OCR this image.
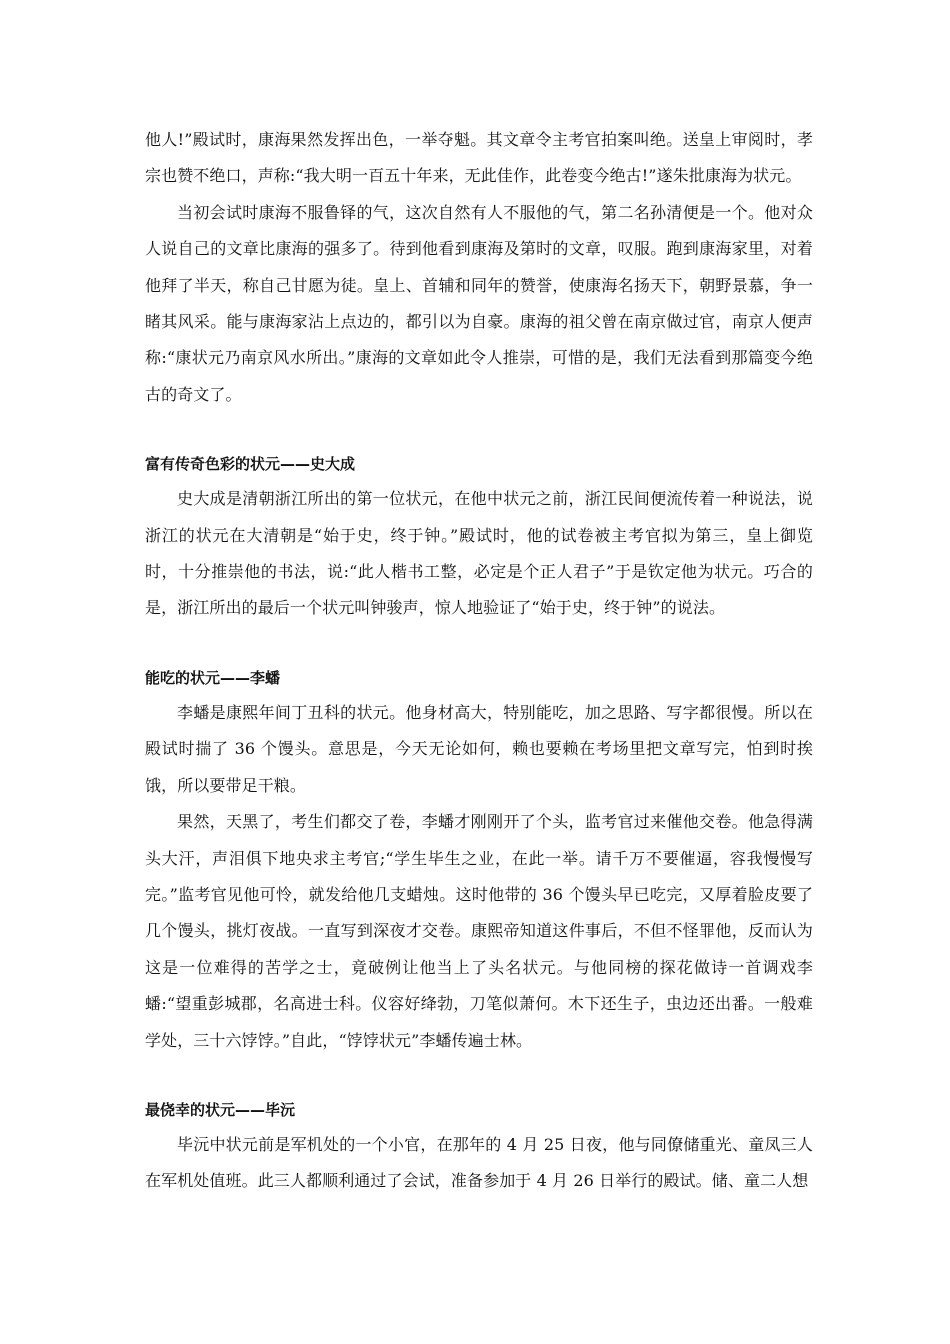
他人!”殿试时，康海果然发挥出色，一举夺魁。其文章令主考官拍案叫绝。送皇上审阅时，孝宗也赞不绝口，声称:“我大明一百五十年来，无此佳作，此卷变今绝古!”遂朱批康海为状元。

当初会试时康海不服鲁铎的气，这次自然有人不服他的气，第二名孙清便是一个。他对众人说自己的文章比康海的强多了。待到他看到康海及第时的文章，叹服。跑到康海家里，对着他拜了半天，称自己甘愿为徒。皇上、首辅和同年的赞誉，使康海名扬天下，朝野景慕，争一睹其风采。能与康海家沾上点边的，都引以为自豪。康海的祖父曾在南京做过官，南京人便声称:“康状元乃南京风水所出。”康海的文章如此令人推崇，可惜的是，我们无法看到那篇变今绝古的奇文了。

富有传奇色彩的状元——史大成

史大成是清朝浙江所出的第一位状元，在他中状元之前，浙江民间便流传着一种说法，说浙江的状元在大清朝是“始于史，终于钟。”殿试时，他的试卷被主考官拟为第三，皇上御览时，十分推崇他的书法，说:“此人楷书工整，必定是个正人君子”于是钦定他为状元。巧合的是，浙江所出的最后一个状元叫钟骏声，惊人地验证了“始于史，终于钟”的说法。

能吃的状元——李蟠

李蟠是康熙年间丁丑科的状元。他身材高大，特别能吃，加之思路、写字都很慢。所以在殿试时揣了 36 个馒头。意思是，今天无论如何，赖也要赖在考场里把文章写完，怕到时挨饿，所以要带足干粮。

果然，天黑了，考生们都交了卷，李蟠才刚刚开了个头，监考官过来催他交卷。他急得满头大汗，声泪俱下地央求主考官;“学生毕生之业，在此一举。请千万不要催逼，容我慢慢写完。”监考官见他可怜，就发给他几支蜡烛。这时他带的 36 个馒头早已吃完，又厚着脸皮要了几个馒头，挑灯夜战。一直写到深夜才交卷。康熙帝知道这件事后，不但不怪罪他，反而认为这是一位难得的苦学之士，竟破例让他当上了头名状元。与他同榜的探花做诗一首调戏李蟠:“望重彭城郡，名高进士科。仪容好绛勃，刀笔似萧何。木下还生子，虫边还出番。一般难学处，三十六饽饽。”自此，“饽饽状元”李蟠传遍士林。

最侥幸的状元——毕沅

毕沅中状元前是军机处的一个小官，在那年的 4 月 25 日夜，他与同僚储重光、童凤三人在军机处值班。此三人都顺利通过了会试，准备参加于 4 月 26 日举行的殿试。储、童二人想
